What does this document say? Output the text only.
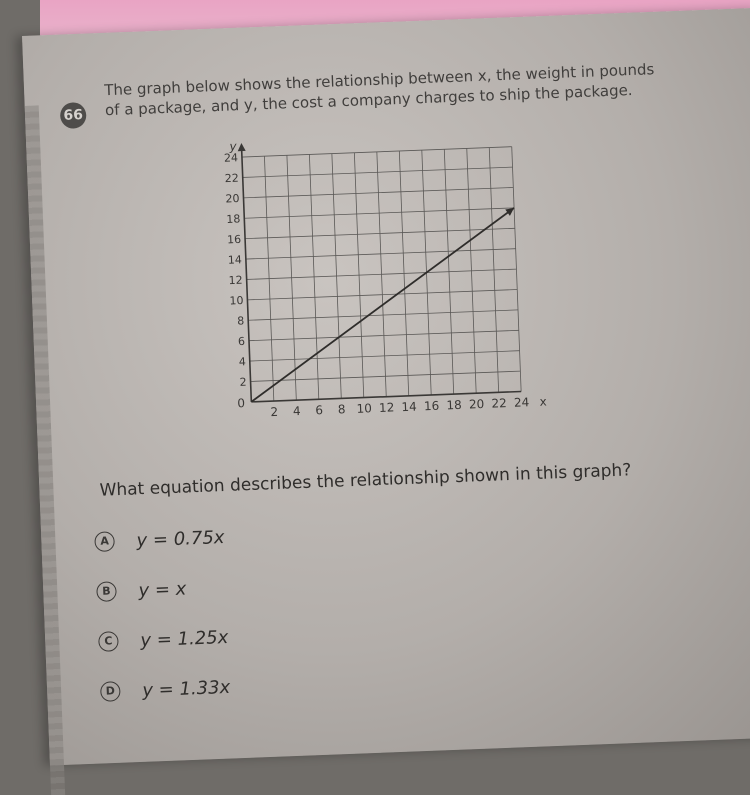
66
The graph below shows the relationship between x, the weight in pounds of a package, and y, the cost a company charges to ship the package.
2 4 6 8 10 12 14 16 18 20 22 24
2
4
6
8
10
12
14
16
18
20
22
24
0	x
y
What equation describes the relationship shown in this graph?
A	y = 0.75x
B	y = x
C	y = 1.25x
D	y = 1.33x
